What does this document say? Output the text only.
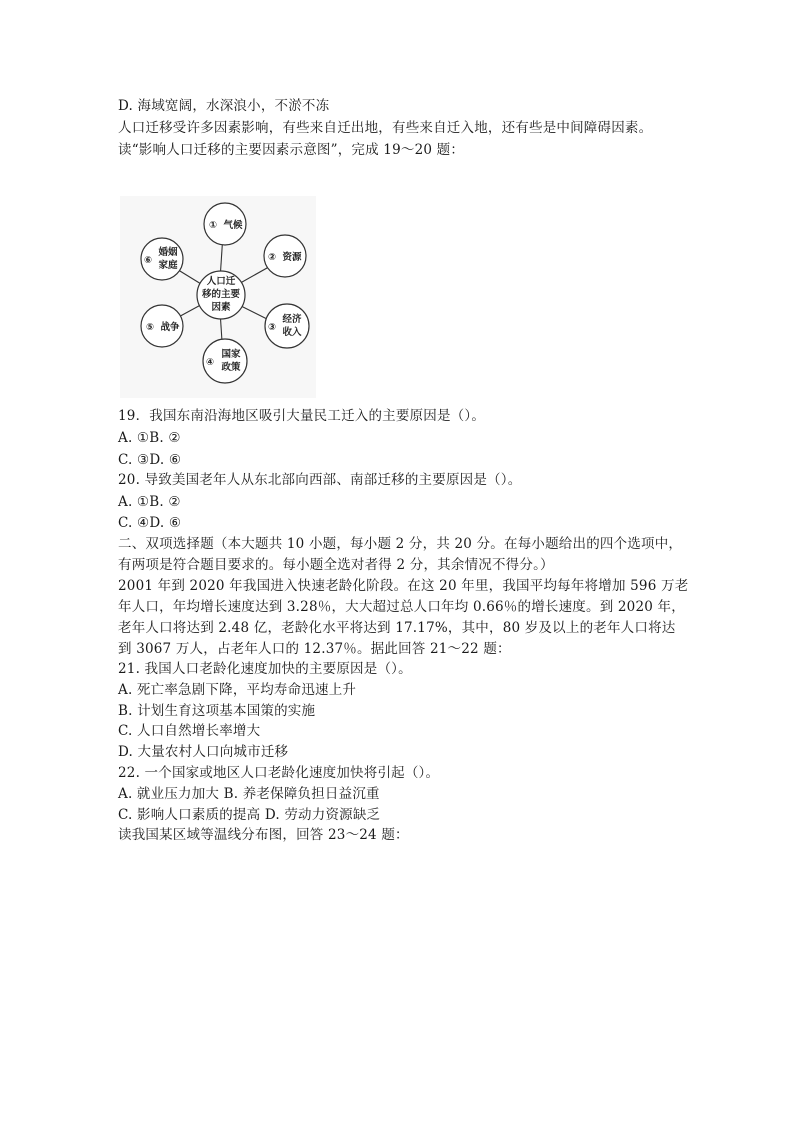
D. 海域宽阔，水深浪小，不淤不冻
人口迁移受许多因素影响，有些来自迁出地，有些来自迁入地，还有些是中间障碍因素。
读“影响人口迁移的主要因素示意图”，完成 19～20 题：
人口迁
移的主要
因素
① 气候
② 资源
③
经济
收入
④
国家
政策
⑤ 战争
⑥
婚姻
家庭
19．我国东南沿海地区吸引大量民工迁入的主要原因是（）。
A. ①B. ②
C. ③D. ⑥
20. 导致美国老年人从东北部向西部、南部迁移的主要原因是（）。
A. ①B. ②
C. ④D. ⑥
二、双项选择题（本大题共 10 小题，每小题 2 分，共 20 分。在每小题给出的四个选项中，
有两项是符合题目要求的。每小题全选对者得 2 分，其余情况不得分。）
2001 年到 2020 年我国进入快速老龄化阶段。在这 20 年里，我国平均每年将增加 596 万老
年人口，年均增长速度达到 3.28％，大大超过总人口年均 0.66％的增长速度。到 2020 年，
老年人口将达到 2.48 亿，老龄化水平将达到 17.17%，其中，80 岁及以上的老年人口将达
到 3067 万人，占老年人口的 12.37％。据此回答 21～22 题：
21. 我国人口老龄化速度加快的主要原因是（）。
A. 死亡率急剧下降，平均寿命迅速上升
B. 计划生育这项基本国策的实施
C. 人口自然增长率增大
D. 大量农村人口向城市迁移
22. 一个国家或地区人口老龄化速度加快将引起（）。
A. 就业压力加大 B. 养老保障负担日益沉重
C. 影响人口素质的提高 D. 劳动力资源缺乏
读我国某区域等温线分布图，回答 23～24 题：
